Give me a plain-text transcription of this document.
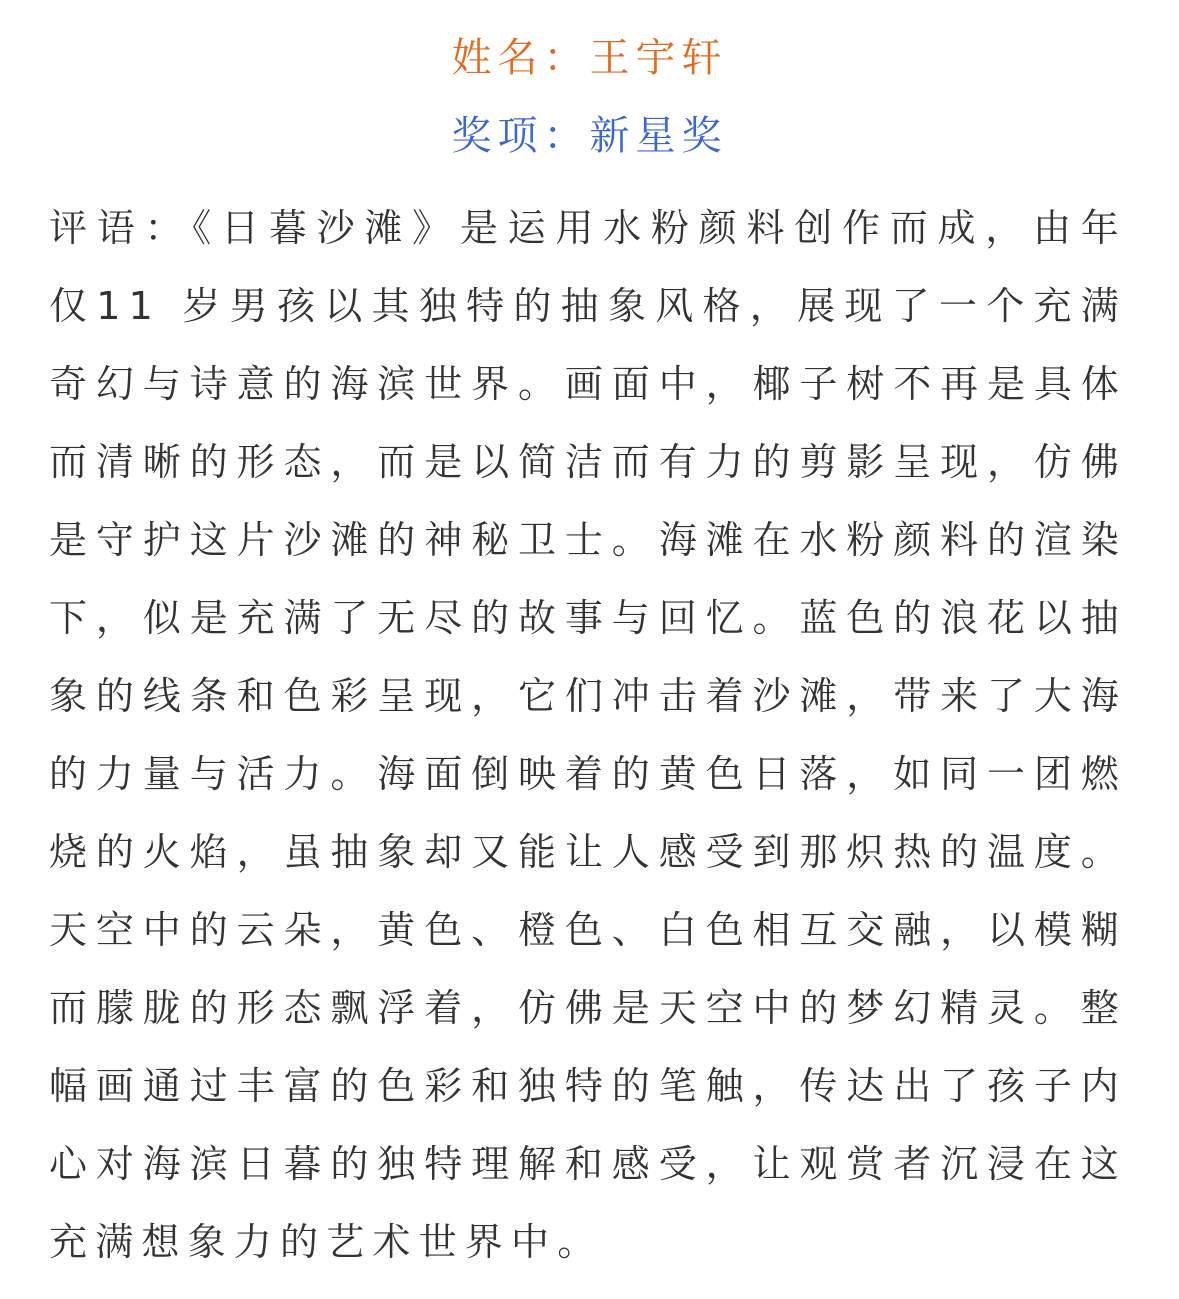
姓名：王宇轩
奖项：新星奖
评语：《日暮沙滩》是运用水粉颜料创作而成，由年仅11 岁男孩以其独特的抽象风格，展现了一个充满奇幻与诗意的海滨世界。画面中，椰子树不再是具体而清晰的形态，而是以简洁而有力的剪影呈现，仿佛是守护这片沙滩的神秘卫士。海滩在水粉颜料的渲染下，似是充满了无尽的故事与回忆。蓝色的浪花以抽象的线条和色彩呈现，它们冲击着沙滩，带来了大海的力量与活力。海面倒映着的黄色日落，如同一团燃烧的火焰，虽抽象却又能让人感受到那炽热的温度。天空中的云朵，黄色、橙色、白色相互交融，以模糊而朦胧的形态飘浮着，仿佛是天空中的梦幻精灵。整幅画通过丰富的色彩和独特的笔触，传达出了孩子内心对海滨日暮的独特理解和感受，让观赏者沉浸在这充满想象力的艺术世界中。
